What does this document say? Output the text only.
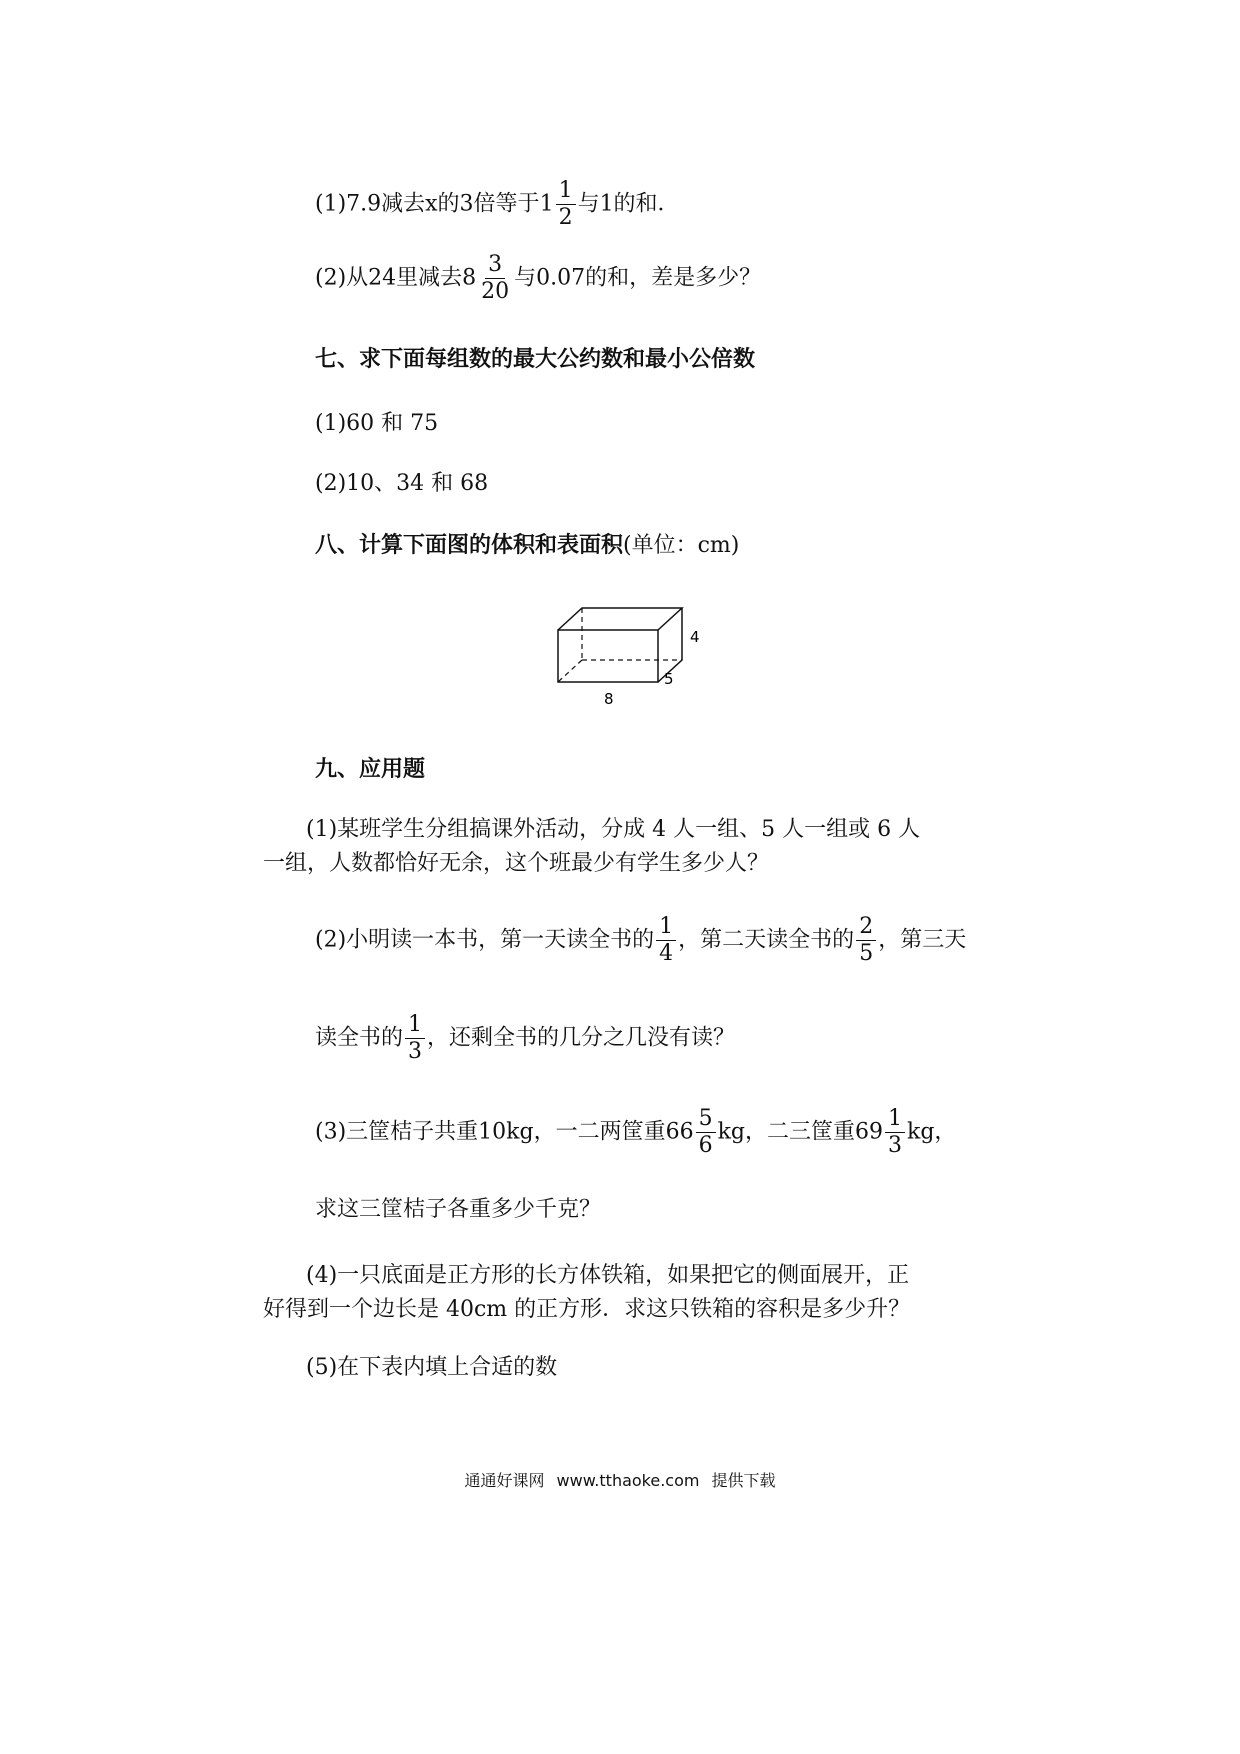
(1)7.9减去x的3倍等于$1 \frac{1}{2}$ 与1的和．
(2)从24里减去$8 \frac{3}{20}$ 与0.07的和，差是多少？
七、求下面每组数的最大公约数和最小公倍数
(1)60 和 75
(2)10、34 和 68
八、计算下面图的体积和表面积(单位：cm)
4
5
8
九、应用题
(1)某班学生分组搞课外活动，分成 4 人一组、5 人一组或 6 人
一组，人数都恰好无余，这个班最少有学生多少人？
(2)小明读一本书，第一天读全书的 $\frac{1}{4}$ ，第二天读全书的 $\frac{2}{5}$ ，第三天
读全书的 $\frac{1}{3}$ ，还剩全书的几分之几没有读？
(3)三筐桔子共重10kg，一二两筐重$66 \frac{5}{6}$ kg，二三筐重$69 \frac{1}{3}$ kg，
求这三筐桔子各重多少千克？
(4)一只底面是正方形的长方体铁箱，如果把它的侧面展开，正
好得到一个边长是 40cm 的正方形．求这只铁箱的容积是多少升？
(5)在下表内填上合适的数
通通好课网 www.tthaoke.com 提供下载
